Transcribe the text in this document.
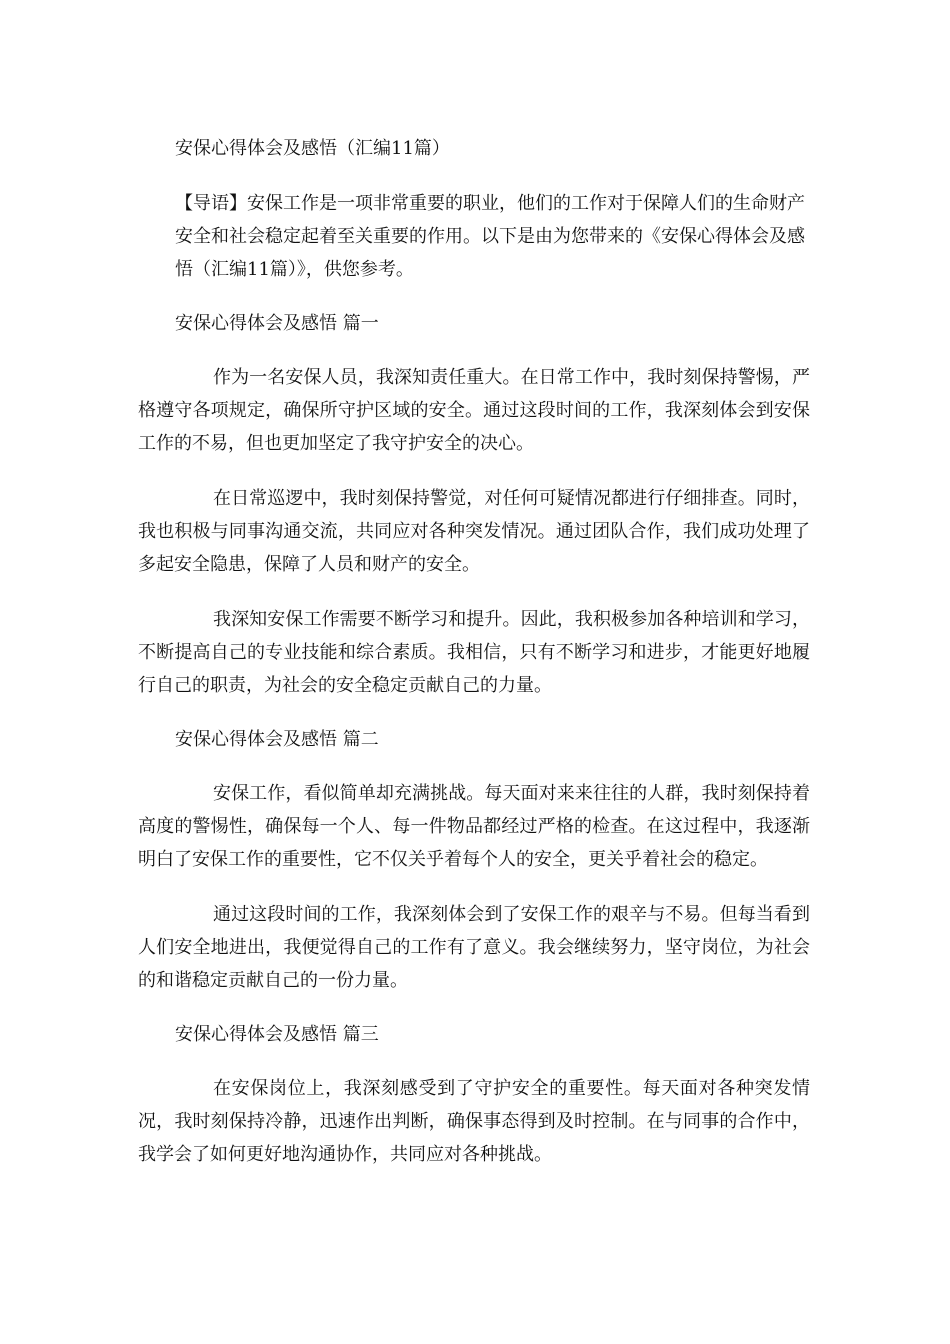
安保心得体会及感悟（汇编11篇）

【导语】安保工作是一项非常重要的职业，他们的工作对于保障人们的生命财产安全和社会稳定起着至关重要的作用。以下是由为您带来的《安保心得体会及感悟（汇编11篇）》，供您参考。

安保心得体会及感悟 篇一

作为一名安保人员，我深知责任重大。在日常工作中，我时刻保持警惕，严格遵守各项规定，确保所守护区域的安全。通过这段时间的工作，我深刻体会到安保工作的不易，但也更加坚定了我守护安全的决心。

在日常巡逻中，我时刻保持警觉，对任何可疑情况都进行仔细排查。同时，我也积极与同事沟通交流，共同应对各种突发情况。通过团队合作，我们成功处理了多起安全隐患，保障了人员和财产的安全。

我深知安保工作需要不断学习和提升。因此，我积极参加各种培训和学习，不断提高自己的专业技能和综合素质。我相信，只有不断学习和进步，才能更好地履行自己的职责，为社会的安全稳定贡献自己的力量。

安保心得体会及感悟 篇二

安保工作，看似简单却充满挑战。每天面对来来往往的人群，我时刻保持着高度的警惕性，确保每一个人、每一件物品都经过严格的检查。在这过程中，我逐渐明白了安保工作的重要性，它不仅关乎着每个人的安全，更关乎着社会的稳定。

通过这段时间的工作，我深刻体会到了安保工作的艰辛与不易。但每当看到人们安全地进出，我便觉得自己的工作有了意义。我会继续努力，坚守岗位，为社会的和谐稳定贡献自己的一份力量。

安保心得体会及感悟 篇三

在安保岗位上，我深刻感受到了守护安全的重要性。每天面对各种突发情况，我时刻保持冷静，迅速作出判断，确保事态得到及时控制。在与同事的合作中，我学会了如何更好地沟通协作，共同应对各种挑战。
